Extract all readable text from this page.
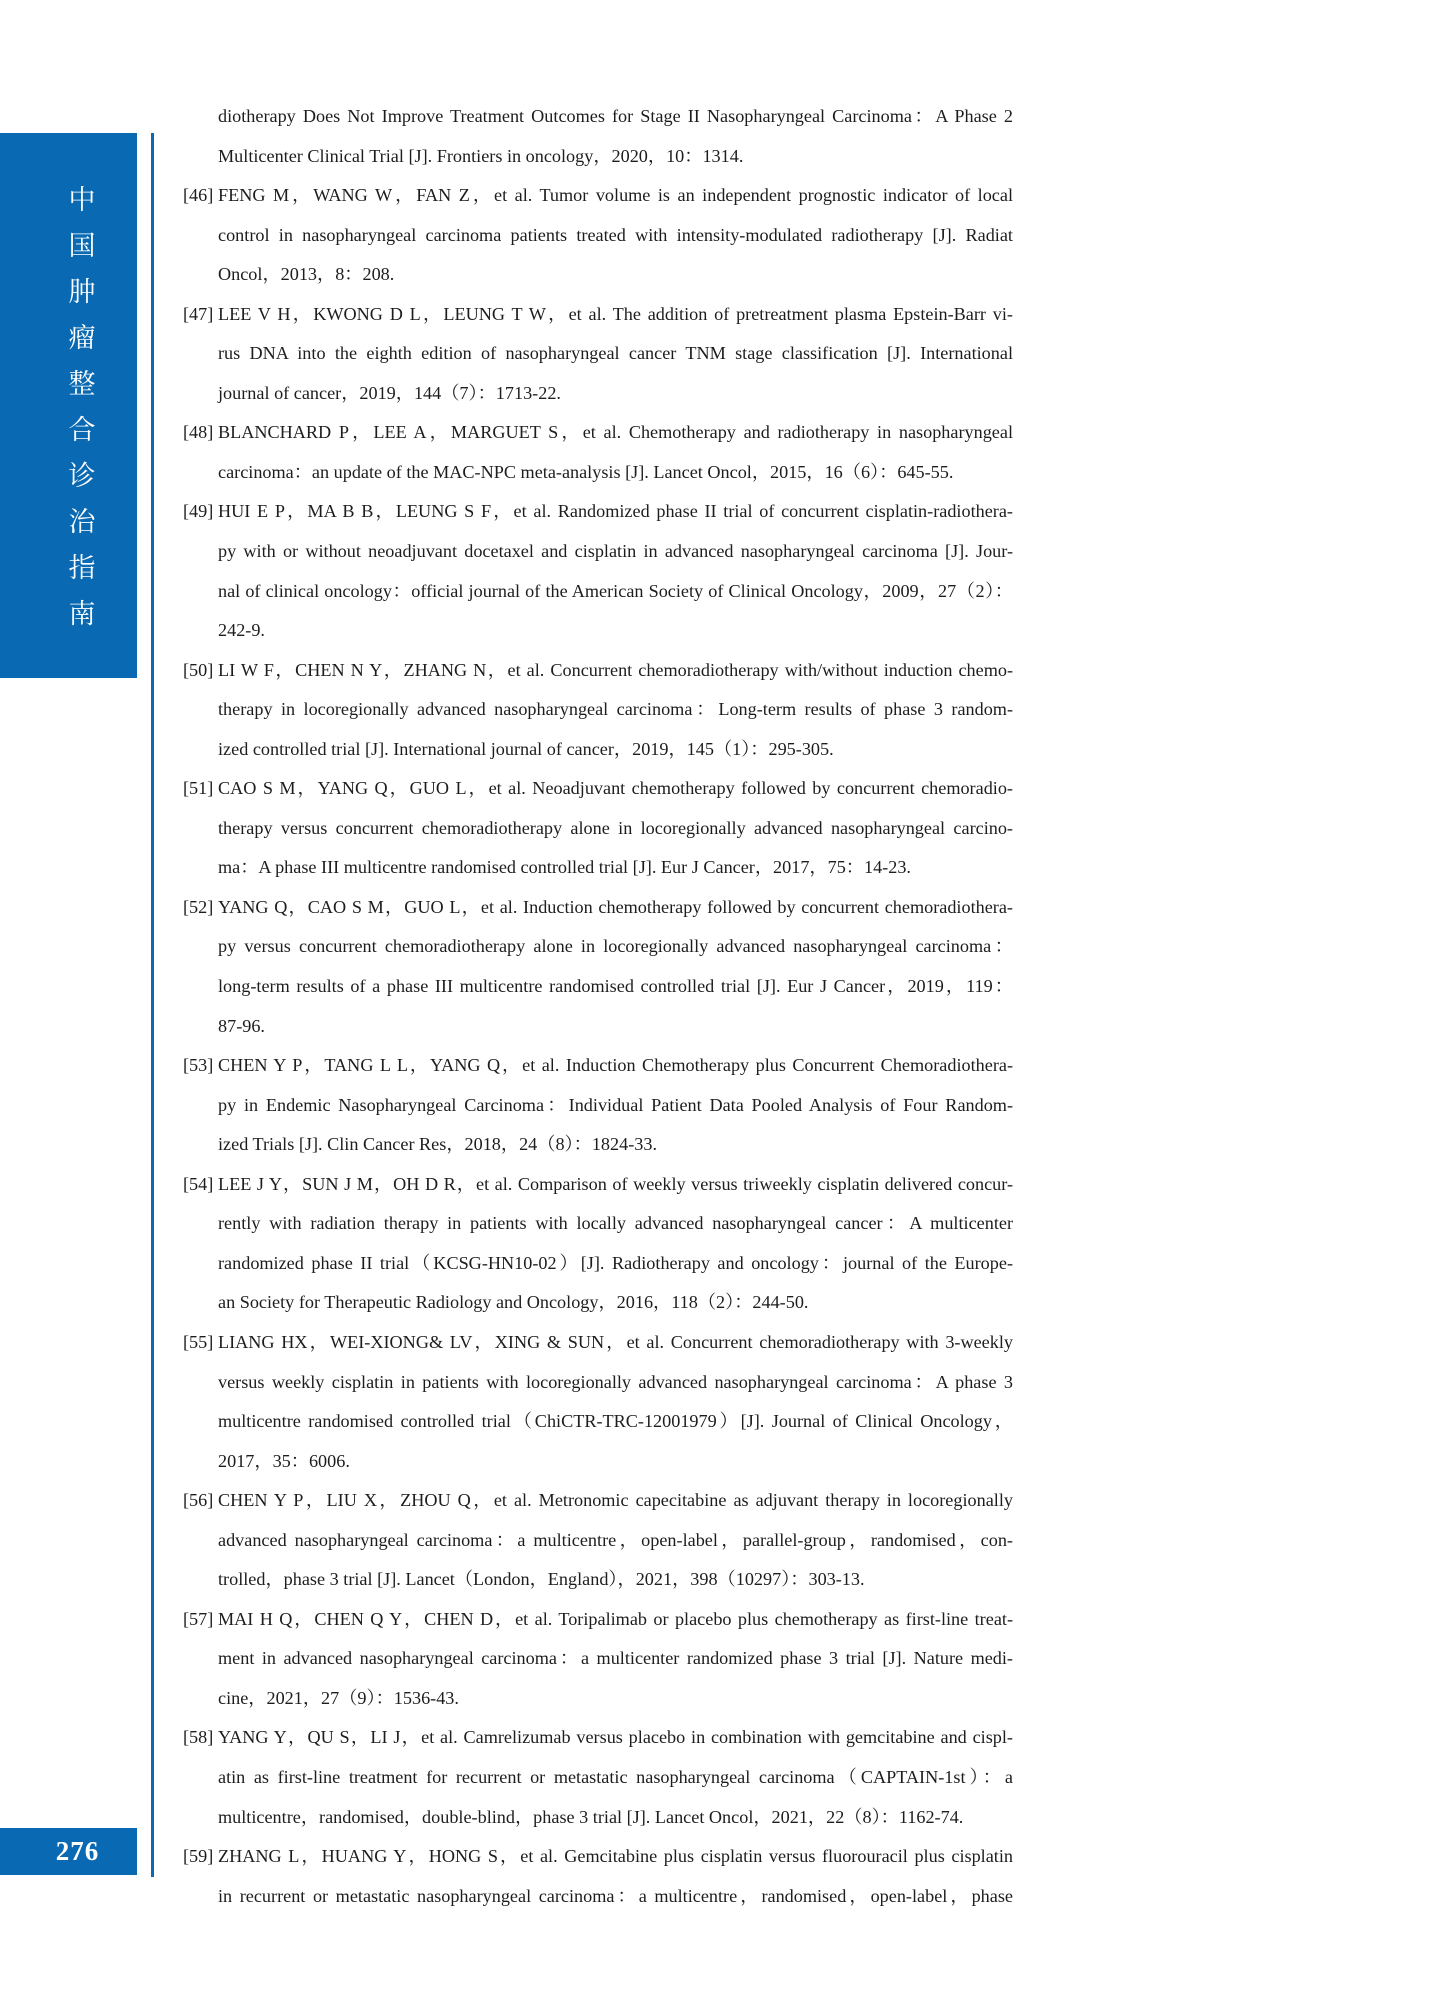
中国肿瘤整合诊治指南
276
diotherapy Does Not Improve Treatment Outcomes for Stage II Nasopharyngeal Carcinoma：A Phase 2
Multicenter Clinical Trial [J]. Frontiers in oncology，2020，10：1314.
[46] FENG M，WANG W，FAN Z，et al. Tumor volume is an independent prognostic indicator of local
control in nasopharyngeal carcinoma patients treated with intensity-modulated radiotherapy [J]. Radiat
Oncol，2013，8：208.
[47] LEE V H，KWONG D L，LEUNG T W，et al. The addition of pretreatment plasma Epstein-Barr vi-
rus DNA into the eighth edition of nasopharyngeal cancer TNM stage classification [J]. International
journal of cancer，2019，144（7）：1713-22.
[48] BLANCHARD P，LEE A，MARGUET S，et al. Chemotherapy and radiotherapy in nasopharyngeal
carcinoma：an update of the MAC-NPC meta-analysis [J]. Lancet Oncol，2015，16（6）：645-55.
[49] HUI E P，MA B B，LEUNG S F，et al. Randomized phase II trial of concurrent cisplatin-radiothera-
py with or without neoadjuvant docetaxel and cisplatin in advanced nasopharyngeal carcinoma [J]. Jour-
nal of clinical oncology：official journal of the American Society of Clinical Oncology，2009，27（2）：
242-9.
[50] LI W F，CHEN N Y，ZHANG N，et al. Concurrent chemoradiotherapy with/without induction chemo-
therapy in locoregionally advanced nasopharyngeal carcinoma：Long-term results of phase 3 random-
ized controlled trial [J]. International journal of cancer，2019，145（1）：295-305.
[51] CAO S M，YANG Q，GUO L，et al. Neoadjuvant chemotherapy followed by concurrent chemoradio-
therapy versus concurrent chemoradiotherapy alone in locoregionally advanced nasopharyngeal carcino-
ma：A phase III multicentre randomised controlled trial [J]. Eur J Cancer，2017，75：14-23.
[52] YANG Q，CAO S M，GUO L，et al. Induction chemotherapy followed by concurrent chemoradiothera-
py versus concurrent chemoradiotherapy alone in locoregionally advanced nasopharyngeal carcinoma：
long-term results of a phase III multicentre randomised controlled trial [J]. Eur J Cancer，2019，119：
87-96.
[53] CHEN Y P，TANG L L，YANG Q，et al. Induction Chemotherapy plus Concurrent Chemoradiothera-
py in Endemic Nasopharyngeal Carcinoma：Individual Patient Data Pooled Analysis of Four Random-
ized Trials [J]. Clin Cancer Res，2018，24（8）：1824-33.
[54] LEE J Y，SUN J M，OH D R，et al. Comparison of weekly versus triweekly cisplatin delivered concur-
rently with radiation therapy in patients with locally advanced nasopharyngeal cancer：A multicenter
randomized phase II trial（KCSG-HN10-02）[J]. Radiotherapy and oncology：journal of the Europe-
an Society for Therapeutic Radiology and Oncology，2016，118（2）：244-50.
[55] LIANG HX，WEI-XIONG& LV，XING & SUN，et al. Concurrent chemoradiotherapy with 3-weekly
versus weekly cisplatin in patients with locoregionally advanced nasopharyngeal carcinoma：A phase 3
multicentre randomised controlled trial（ChiCTR-TRC-12001979）[J]. Journal of Clinical Oncology，
2017，35：6006.
[56] CHEN Y P，LIU X，ZHOU Q，et al. Metronomic capecitabine as adjuvant therapy in locoregionally
advanced nasopharyngeal carcinoma：a multicentre，open-label，parallel-group，randomised，con-
trolled，phase 3 trial [J]. Lancet（London，England），2021，398（10297）：303-13.
[57] MAI H Q，CHEN Q Y，CHEN D，et al. Toripalimab or placebo plus chemotherapy as first-line treat-
ment in advanced nasopharyngeal carcinoma：a multicenter randomized phase 3 trial [J]. Nature medi-
cine，2021，27（9）：1536-43.
[58] YANG Y，QU S，LI J，et al. Camrelizumab versus placebo in combination with gemcitabine and cispl-
atin as first-line treatment for recurrent or metastatic nasopharyngeal carcinoma（CAPTAIN-1st）：a
multicentre，randomised，double-blind，phase 3 trial [J]. Lancet Oncol，2021，22（8）：1162-74.
[59] ZHANG L，HUANG Y，HONG S，et al. Gemcitabine plus cisplatin versus fluorouracil plus cisplatin
in recurrent or metastatic nasopharyngeal carcinoma：a multicentre，randomised，open-label，phase
